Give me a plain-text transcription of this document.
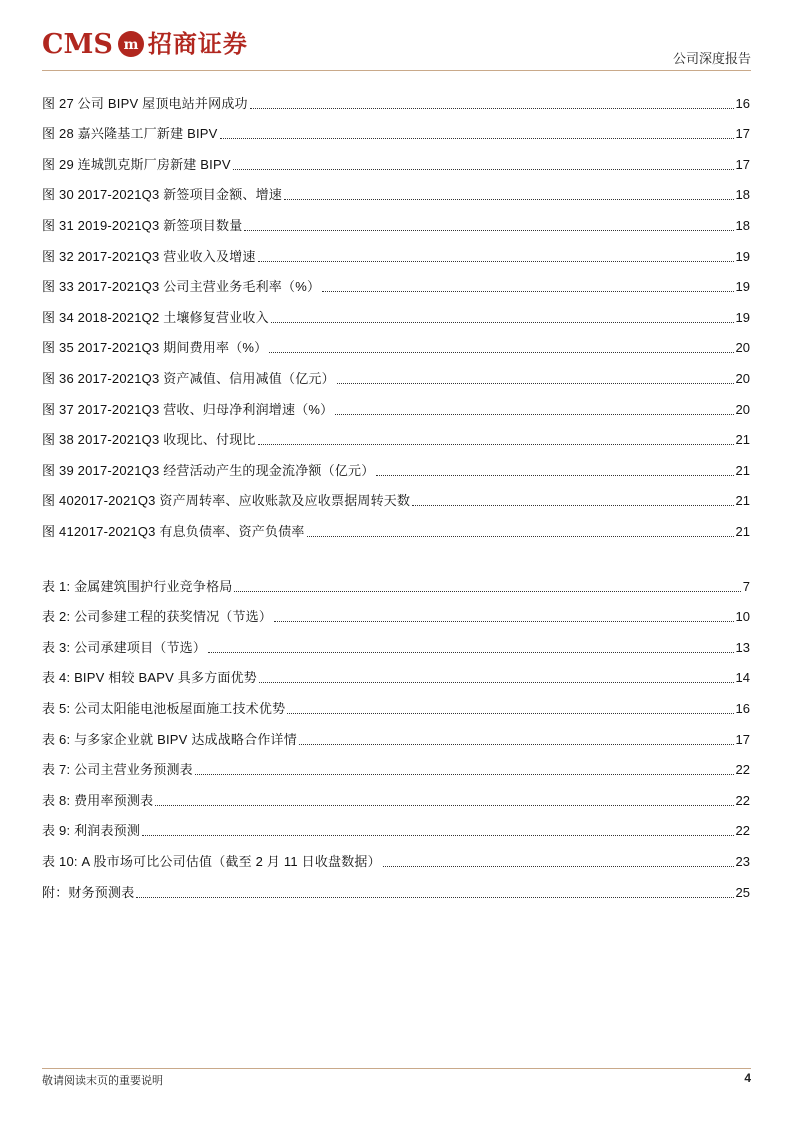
CMS m 招商证券
公司深度报告
图 27 公司 BIPV 屋顶电站并网成功	16
图 28 嘉兴隆基工厂新建 BIPV	17
图 29 连城凯克斯厂房新建 BIPV	17
图 30 2017-2021Q3 新签项目金额、增速	18
图 31 2019-2021Q3 新签项目数量	18
图 32 2017-2021Q3 营业收入及增速	19
图 33 2017-2021Q3 公司主营业务毛利率（%）	19
图 34 2018-2021Q2 土壤修复营业收入	19
图 35 2017-2021Q3 期间费用率（%）	20
图 36 2017-2021Q3 资产减值、信用减值（亿元）	20
图 37 2017-2021Q3 营收、归母净利润增速（%）	20
图 38 2017-2021Q3 收现比、付现比	21
图 39 2017-2021Q3 经营活动产生的现金流净额（亿元）	21
图 402017-2021Q3 资产周转率、应收账款及应收票据周转天数	21
图 412017-2021Q3 有息负债率、资产负债率	21
表 1: 金属建筑围护行业竞争格局	7
表 2: 公司参建工程的获奖情况（节选）	10
表 3: 公司承建项目（节选）	13
表 4: BIPV 相较 BAPV 具多方面优势	14
表 5: 公司太阳能电池板屋面施工技术优势	16
表 6: 与多家企业就 BIPV 达成战略合作详情	17
表 7: 公司主营业务预测表	22
表 8: 费用率预测表	22
表 9: 利润表预测	22
表 10: A 股市场可比公司估值（截至 2 月 11 日收盘数据）	23
附：财务预测表	25
敬请阅读末页的重要说明	4
